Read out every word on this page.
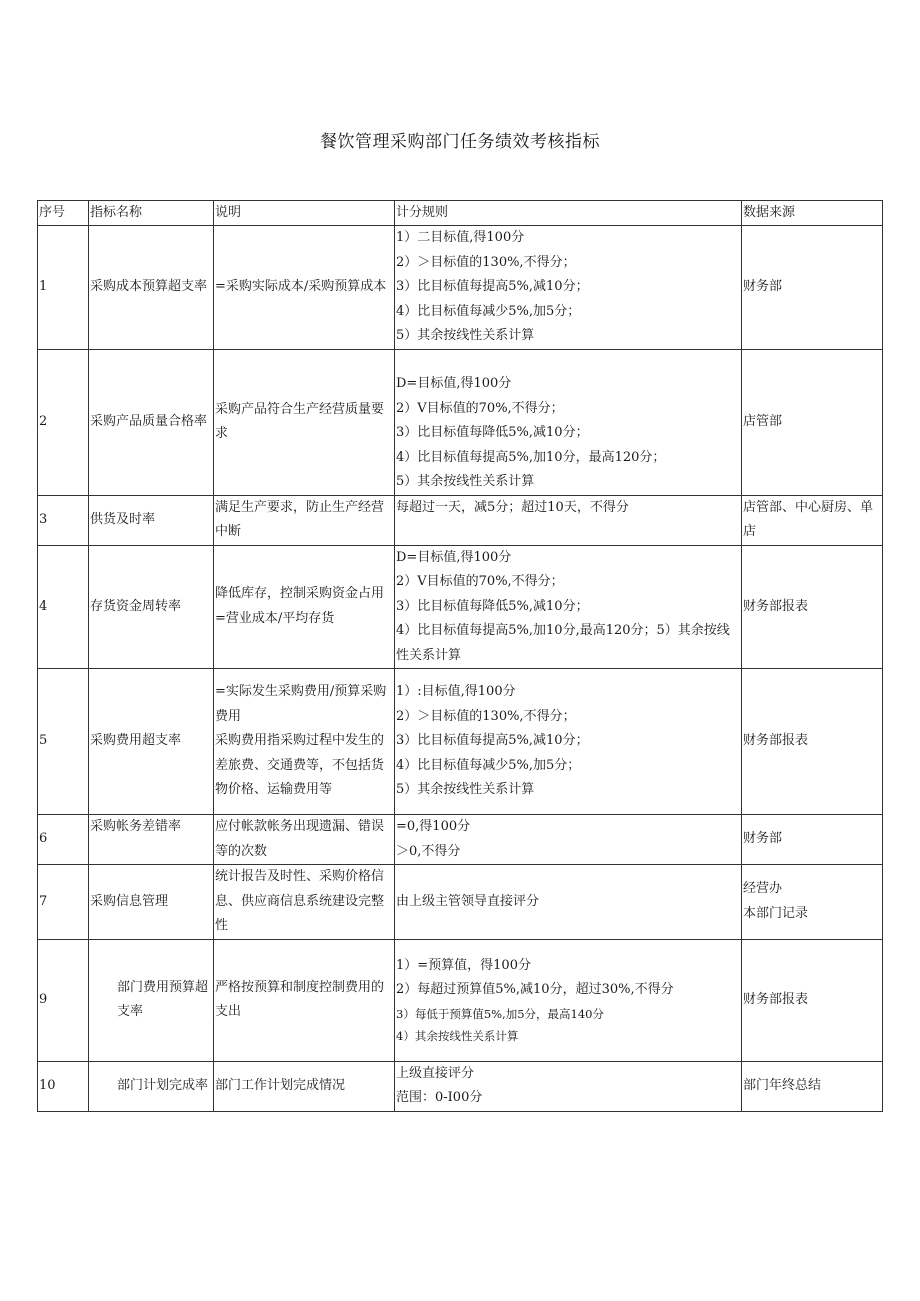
餐饮管理采购部门任务绩效考核指标
序号	指标名称	说明	计分规则	数据来源
1	采购成本预算超支率	=采购实际成本/采购预算成本	1）二目标值,得100分
2）＞目标值的130%,不得分；
3）比目标值每提高5%,减10分；
4）比目标值每减少5%,加5分；
5）其余按线性关系计算	财务部

2	采购产品质量合格率	采购产品符合生产经营质量要求	D=目标值,得100分
2）V目标值的70%,不得分；
3）比目标值每降低5%,减10分；
4）比目标值每提高5%,加10分，最高120分；
5）其余按线性关系计算	店管部

3	供货及时率	满足生产要求，防止生产经营中断	每超过一天，减5分；超过10天，不得分	店管部、中心厨房、单店

4	存货资金周转率	降低库存，控制采购资金占用
=营业成本/平均存货	D=目标值,得100分
2）V目标值的70%,不得分；
3）比目标值每降低5%,减10分；
4）比目标值每提高5%,加10分,最高120分；5）其余按线性关系计算	财务部报表

5	采购费用超支率	=实际发生采购费用/预算采购费用
采购费用指采购过程中发生的差旅费、交通费等，不包括货物价格、运输费用等	1）:目标值,得100分
2）＞目标值的130%,不得分；
3）比目标值每提高5%,减10分；
4）比目标值每减少5%,加5分；
5）其余按线性关系计算	财务部报表

6	采购帐务差错率	应付帐款帐务出现遗漏、错误等的次数	=0,得100分
＞0,不得分	财务部

7	采购信息管理	统计报告及时性、采购价格信息、供应商信息系统建设完整性	由上级主管领导直接评分	经营办
本部门记录

9	部门费用预算超支率	严格按预算和制度控制费用的支出	1）=预算值，得100分
2）每超过预算值5%,减10分，超过30%,不得分
3）每低于预算值5%,加5分，最高140分
4）其余按线性关系计算	财务部报表

10	部门计划完成率	部门工作计划完成情况	上级直接评分
范围：0-I00分	部门年终总结
